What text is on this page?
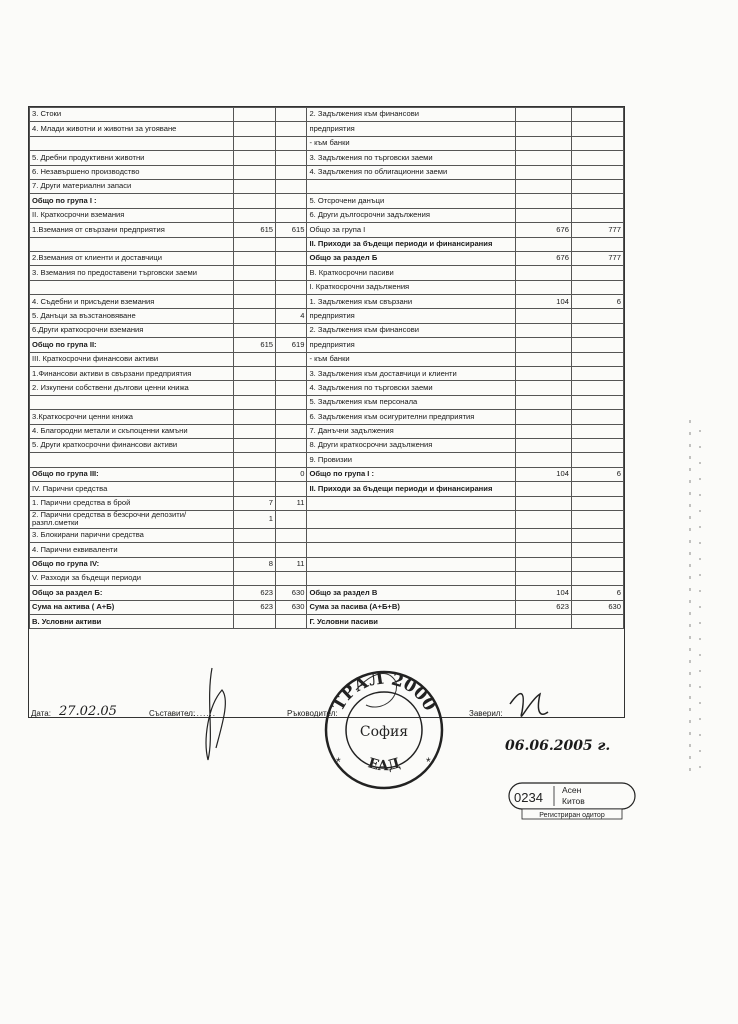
3. Стоки			2. Задължения към финансови		
4. Млади животни и животни за угояване			предприятия		
			- към банки		
5. Дребни продуктивни животни			3. Задължения по търговски заеми		
6. Незавършено производство			4. Задължения по облигационни заеми		
7. Други материални запаси					
Общо по група I :			5. Отсрочени данъци		
II. Краткосрочни вземания			6. Други дългосрочни задължения		
1.Вземания от свързани предприятия	615	615	Общо за група I	676	777
			II. Приходи за бъдещи периоди и финансирания		
2.Вземания от клиенти и доставчици			Общо за раздел Б	676	777
3. Вземания по предоставени търговски заеми			В. Краткосрочни пасиви		
			I. Краткосрочни задължения		
4. Съдебни и присъдени вземания			1. Задължения към свързани	104	6
5. Данъци за възстановяване		4	предприятия		
6.Други краткосрочни вземания			2. Задължения към финансови		
Общо по група II:	615	619	предприятия		
III. Краткосрочни финансови активи			- към банки		
1.Финансови активи в свързани предприятия			3. Задължения към доставчици и клиенти		
2. Изкупени собствени дългови ценни книжа			4. Задължения по търговски заеми		
			5. Задължения към персонала		
3.Краткосрочни ценни книжа			6. Задължения към осигурителни предприятия		
4. Благородни метали и скъпоценни камъни			7. Данъчни задължения		
5. Други краткосрочни финансови активи			8. Други краткосрочни задължения		
			9. Провизии		
Общо по група III:		0	Общо по група I :	104	6
IV. Парични средства			II. Приходи за бъдещи периоди и финансирания		
1. Парични средства в брой	7	11			
2. Парични средства в безсрочни депозити/разпл.сметки	1				
3. Блокирани парични средства					
4. Парични еквиваленти					
Общо по група IV:	8	11			
V. Разходи за бъдещи периоди					
Общо за раздел Б:	623	630	Общо за раздел В	104	6
Сума на актива ( А+Б)	623	630	Сума за пасива (А+Б+В)	623	630
В. Условни активи			Г. Условни пасиви		
Дата: 27.02.05	Съставител:
.........	Ръководител:	Заверил:
06.06.2005 г.
ТРАЛ 2000
София
ЕАД
*	*
0234 Асен
Китов
Регистриран одитор
